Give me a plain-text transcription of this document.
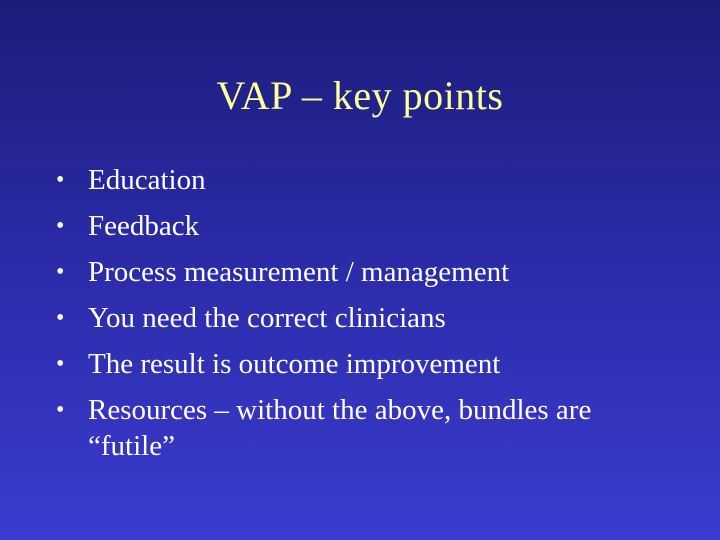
VAP – key points
• Education
• Feedback
• Process measurement / management
• You need the correct clinicians
• The result is outcome improvement
• Resources – without the above, bundles are “futile”
